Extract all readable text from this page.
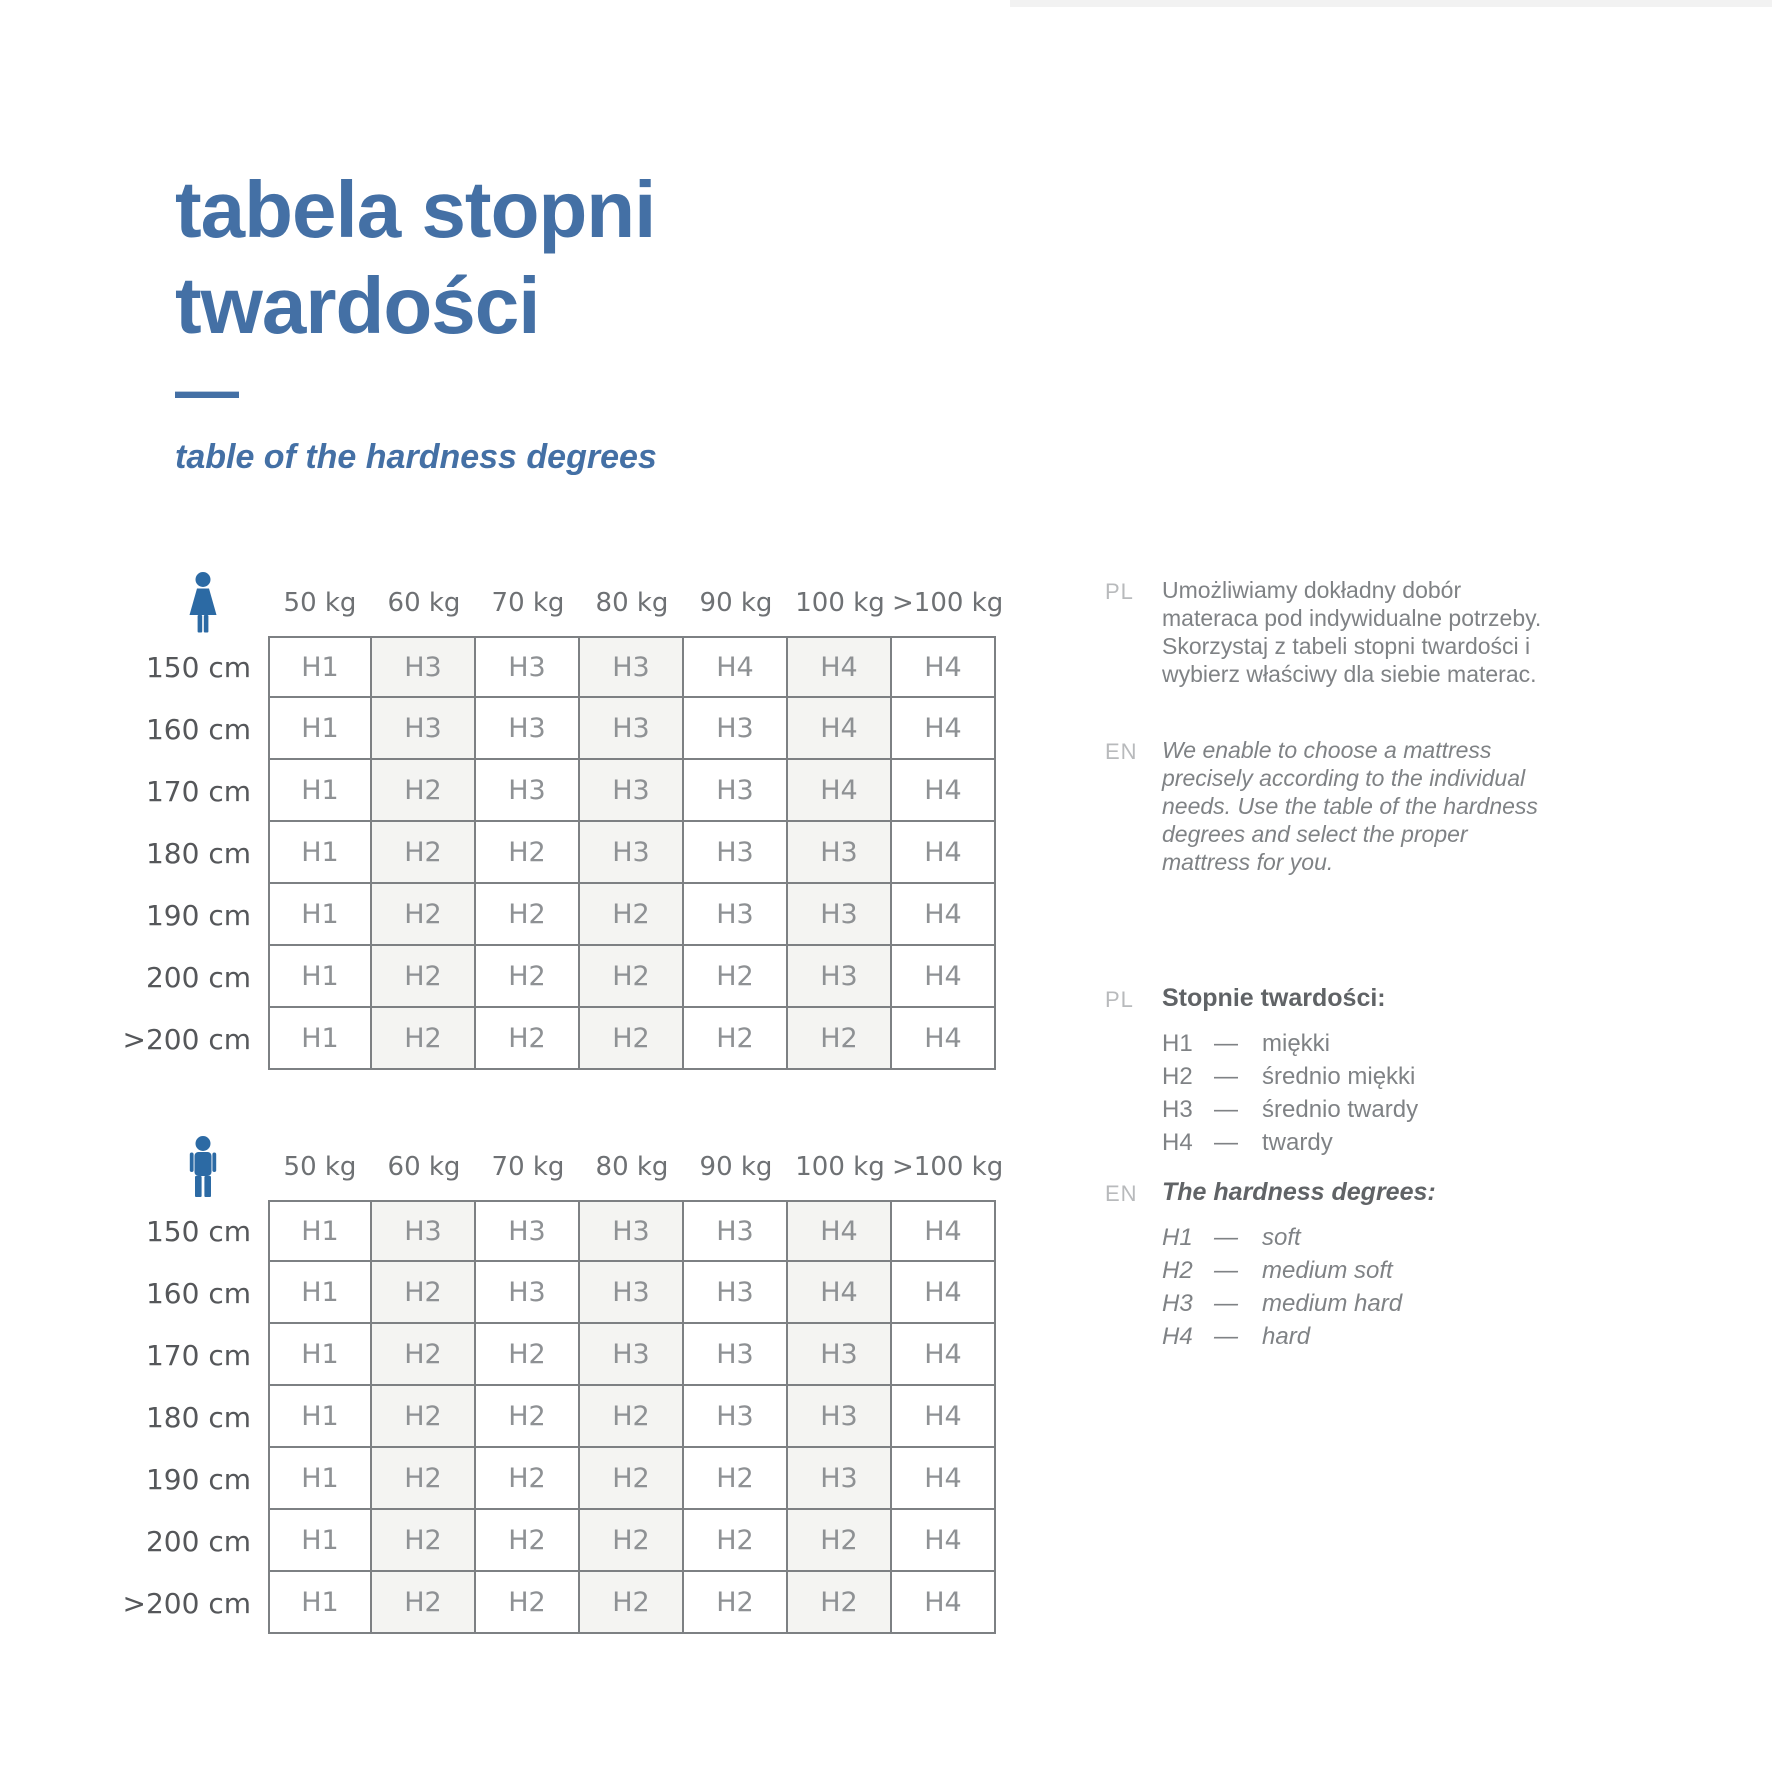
tabela stopni
twardości
—
table of the hardness degrees
50 kg	60 kg	70 kg	80 kg	90 kg 100 kg >100 kg
150 cm	H1	H3	H3	H3	H4	H4	H4
160 cm	H1	H3	H3	H3	H3	H4	H4
170 cm	H1	H2	H3	H3	H3	H4	H4
180 cm	H1	H2	H2	H3	H3	H3	H4
190 cm	H1	H2	H2	H2	H3	H3	H4
200 cm	H1	H2	H2	H2	H2	H3	H4
>200 cm	H1	H2	H2	H2	H2	H2	H4
50 kg	60 kg	70 kg	80 kg	90 kg 100 kg >100 kg
150 cm	H1	H3	H3	H3	H3	H4	H4
160 cm	H1	H2	H3	H3	H3	H4	H4
170 cm	H1	H2	H2	H3	H3	H3	H4
180 cm	H1	H2	H2	H2	H3	H3	H4
190 cm	H1	H2	H2	H2	H2	H3	H4
200 cm	H1	H2	H2	H2	H2	H2	H4
>200 cm	H1	H2	H2	H2	H2	H2	H4
PL	Umożliwiamy dokładny dobór materaca pod indywidualne potrzeby. Skorzystaj z tabeli stopni twardości i wybierz właściwy dla siebie materac.

EN	We enable to choose a mattress precisely according to the individual needs. Use the table of the hardness degrees and select the proper mattress for you.

PL	Stopnie twardości:
H1 —	miękki
H2 —	średnio miękki
H3 —	średnio twardy
H4 —	twardy
EN The hardness degrees:
H1 —	soft
H2 —	medium soft
H3 —	medium hard
H4 —	hard
